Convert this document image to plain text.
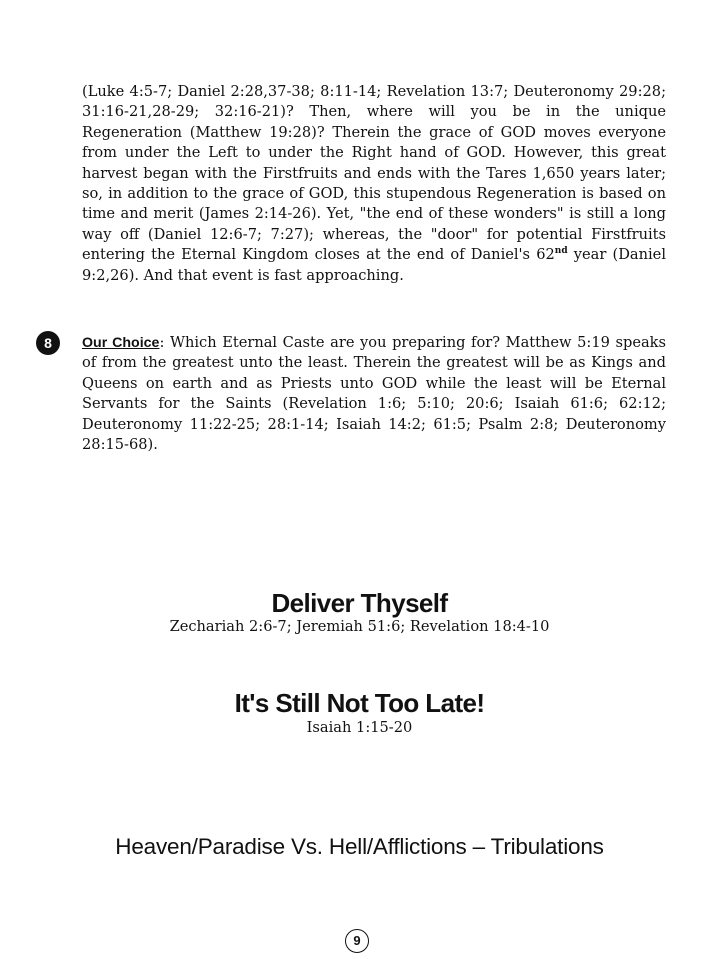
(Luke 4:5-7; Daniel 2:28,37-38; 8:11-14; Revelation 13:7; Deuteronomy 29:28; 31:16-21,28-29; 32:16-21)? Then, where will you be in the unique Regeneration (Matthew 19:28)? Therein the grace of GOD moves everyone from under the Left to under the Right hand of GOD. However, this great harvest began with the Firstfruits and ends with the Tares 1,650 years later; so, in addition to the grace of GOD, this stupendous Regeneration is based on time and merit (James 2:14-26). Yet, "the end of these wonders" is still a long way off (Daniel 12:6-7; 7:27); whereas, the "door" for potential Firstfruits entering the Eternal Kingdom closes at the end of Daniel's 62nd year (Daniel 9:2,26). And that event is fast approaching.

8	Our Choice: Which Eternal Caste are you preparing for? Matthew 5:19 speaks of from the greatest unto the least. Therein the greatest will be as Kings and Queens on earth and as Priests unto GOD while the least will be Eternal Servants for the Saints (Revelation 1:6; 5:10; 20:6; Isaiah 61:6; 62:12; Deuteronomy 11:22-25; 28:1-14; Isaiah 14:2; 61:5; Psalm 2:8; Deuteronomy 28:15-68).

Deliver Thyself
Zechariah 2:6-7; Jeremiah 51:6; Revelation 18:4-10
It's Still Not Too Late!
Isaiah 1:15-20
Heaven/Paradise Vs. Hell/Afflictions – Tribulations
9
